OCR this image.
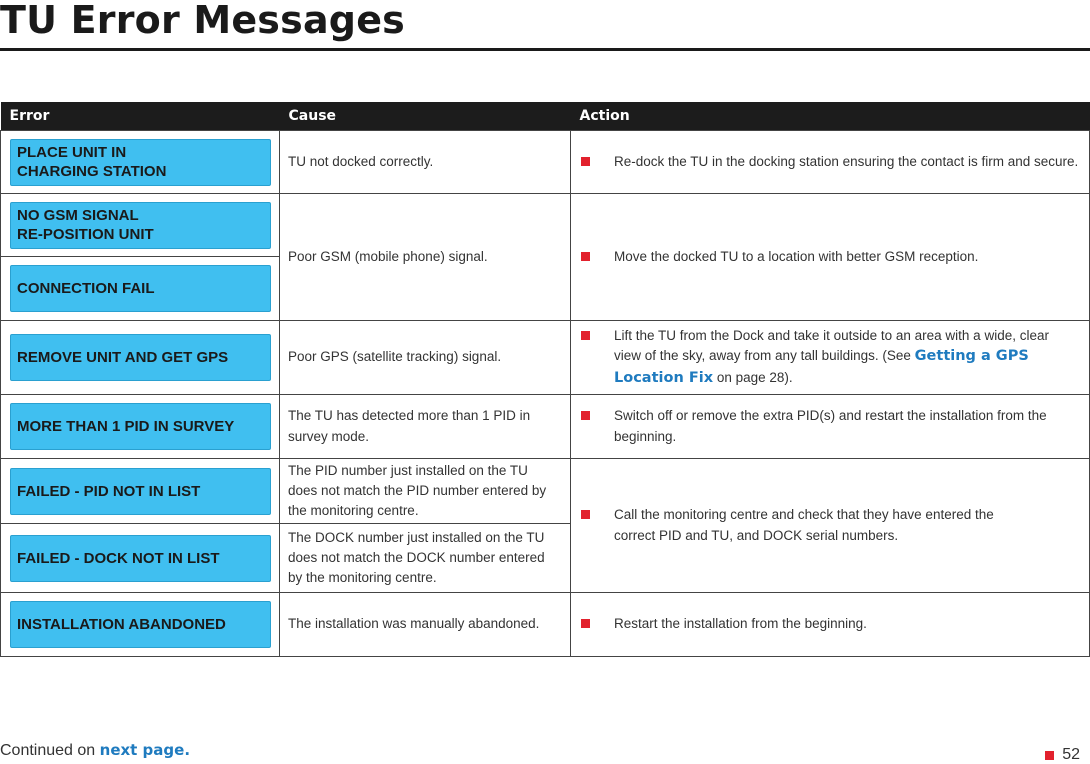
TU Error Messages
Error	Cause	Action

PLACE UNIT IN
CHARGING STATION	TU not docked correctly.	Re-dock the TU in the docking station ensuring the contact is firm and secure.

NO GSM SIGNAL
RE-POSITION UNIT	Poor GSM (mobile phone) signal.	Move the docked TU to a location with better GSM reception.

CONNECTION FAIL		

REMOVE UNIT AND GET GPS	Poor GPS (satellite tracking) signal.	Lift the TU from the Dock and take it outside to an area with a wide, clear view of the sky, away from any tall buildings. (See Getting a GPS Location Fix on page 28).

MORE THAN 1 PID IN SURVEY	The TU has detected more than 1 PID in survey mode.	Switch off or remove the extra PID(s) and restart the installation from the beginning.

FAILED - PID NOT IN LIST	The PID number just installed on the TU does not match the PID number entered by the monitoring centre.	Call the monitoring centre and check that they have entered the correct PID and TU, and DOCK serial numbers.

FAILED - DOCK NOT IN LIST	The DOCK number just installed on the TU does not match the DOCK number entered by the monitoring centre.	

INSTALLATION ABANDONED	The installation was manually abandoned.	Restart the installation from the beginning.
Continued on next page.	52
